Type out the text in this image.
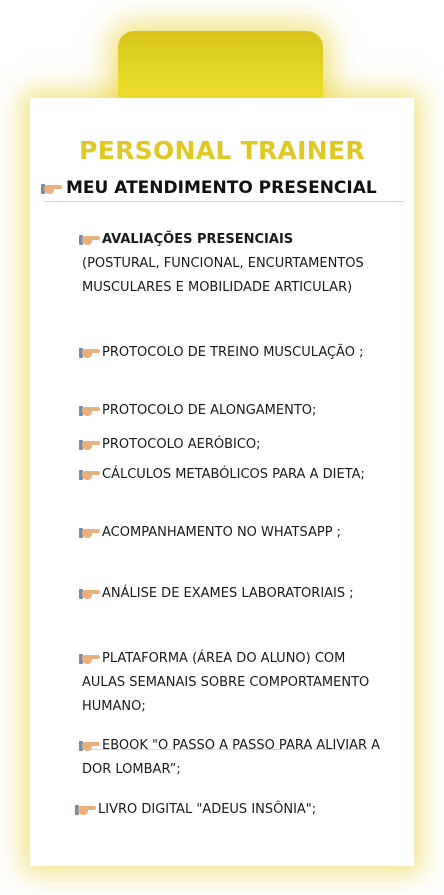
PERSONAL TRAINER
MEU ATENDIMENTO PRESENCIAL
AVALIAÇÕES PRESENCIAIS
(POSTURAL, FUNCIONAL, ENCURTAMENTOS MUSCULARES E MOBILIDADE ARTICULAR)
PROTOCOLO DE TREINO MUSCULAÇÃO ;
PROTOCOLO DE ALONGAMENTO;
PROTOCOLO AERÓBICO;
CÁLCULOS METABÓLICOS PARA A DIETA;
ACOMPANHAMENTO NO WHATSAPP ;
ANÁLISE DE EXAMES LABORATORIAIS ;
PLATAFORMA (ÁREA DO ALUNO) COM AULAS SEMANAIS SOBRE COMPORTAMENTO HUMANO;
EBOOK "O PASSO A PASSO PARA ALIVIAR A DOR LOMBAR”;
LIVRO DIGITAL "ADEUS INSÔNIA";
